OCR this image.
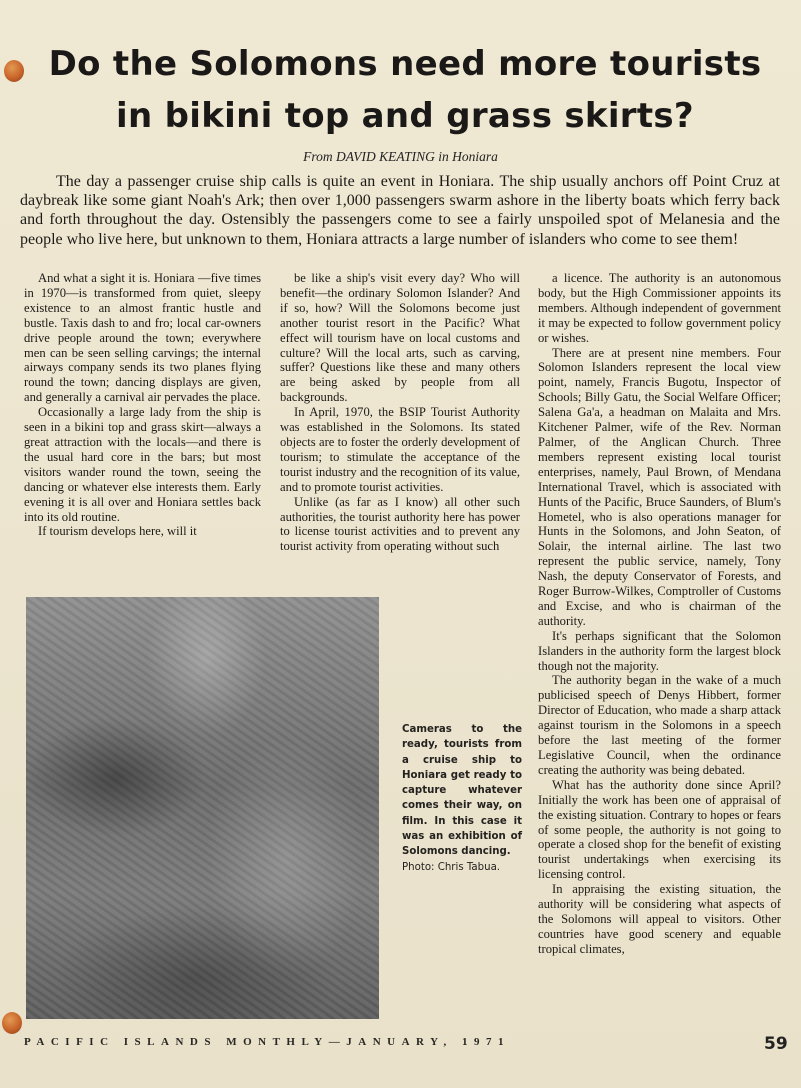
Do the Solomons need more tourists
in bikini top and grass skirts?
From DAVID KEATING in Honiara

The day a passenger cruise ship calls is quite an event in Honiara. The ship usually anchors off Point Cruz at daybreak like some giant Noah's Ark; then over 1,000 passengers swarm ashore in the liberty boats which ferry back and forth throughout the day. Ostensibly the passengers come to see a fairly unspoiled spot of Melanesia and the people who live here, but unknown to them, Honiara attracts a large number of islanders who come to see them!

And what a sight it is. Honiara —five times in 1970—is transformed from quiet, sleepy existence to an almost frantic hustle and bustle. Taxis dash to and fro; local car-owners drive people around the town; everywhere men can be seen selling carvings; the internal airways company sends its two planes flying round the town; dancing displays are given, and generally a carnival air pervades the place.

Occasionally a large lady from the ship is seen in a bikini top and grass skirt—always a great attraction with the locals—and there is the usual hard core in the bars; but most visitors wander round the town, seeing the dancing or whatever else interests them. Early evening it is all over and Honiara settles back into its old routine.

If tourism develops here, will it

be like a ship's visit every day? Who will benefit—the ordinary Solomon Islander? And if so, how? Will the Solomons become just another tourist resort in the Pacific? What effect will tourism have on local customs and culture? Will the local arts, such as carving, suffer? Questions like these and many others are being asked by people from all backgrounds.

In April, 1970, the BSIP Tourist Authority was established in the Solomons. Its stated objects are to foster the orderly development of tourism; to stimulate the acceptance of the tourist industry and the recognition of its value, and to promote tourist activities.

Unlike (as far as I know) all other such authorities, the tourist authority here has power to license tourist activities and to prevent any tourist activity from operating without such

a licence. The authority is an autonomous body, but the High Commissioner appoints its members. Although independent of government it may be expected to follow government policy or wishes.

There are at present nine members. Four Solomon Islanders represent the local view point, namely, Francis Bugotu, Inspector of Schools; Billy Gatu, the Social Welfare Officer; Salena Ga'a, a headman on Malaita and Mrs. Kitchener Palmer, wife of the Rev. Norman Palmer, of the Anglican Church. Three members represent existing local tourist enterprises, namely, Paul Brown, of Mendana International Travel, which is associated with Hunts of the Pacific, Bruce Saunders, of Blum's Hometel, who is also operations manager for Hunts in the Solomons, and John Seaton, of Solair, the internal airline. The last two represent the public service, namely, Tony Nash, the deputy Conservator of Forests, and Roger Burrow-Wilkes, Comptroller of Customs and Excise, and who is chairman of the authority.

It's perhaps significant that the Solomon Islanders in the authority form the largest block though not the majority.

The authority began in the wake of a much publicised speech of Denys Hibbert, former Director of Education, who made a sharp attack against tourism in the Solomons in a speech before the last meeting of the former Legislative Council, when the ordinance creating the authority was being debated.

What has the authority done since April? Initially the work has been one of appraisal of the existing situation. Contrary to hopes or fears of some people, the authority is not going to operate a closed shop for the benefit of existing tourist undertakings when exercising its licensing control.

In appraising the existing situation, the authority will be considering what aspects of the Solomons will appeal to visitors. Other countries have good scenery and equable tropical climates,

Cameras to the ready, tourists from a cruise ship to Honiara get ready to capture whatever comes their way, on film. In this case it was an exhibition of Solomons dancing.
Photo: Chris Tabua.
PACIFIC ISLANDS MONTHLY—JANUARY, 1971	59
